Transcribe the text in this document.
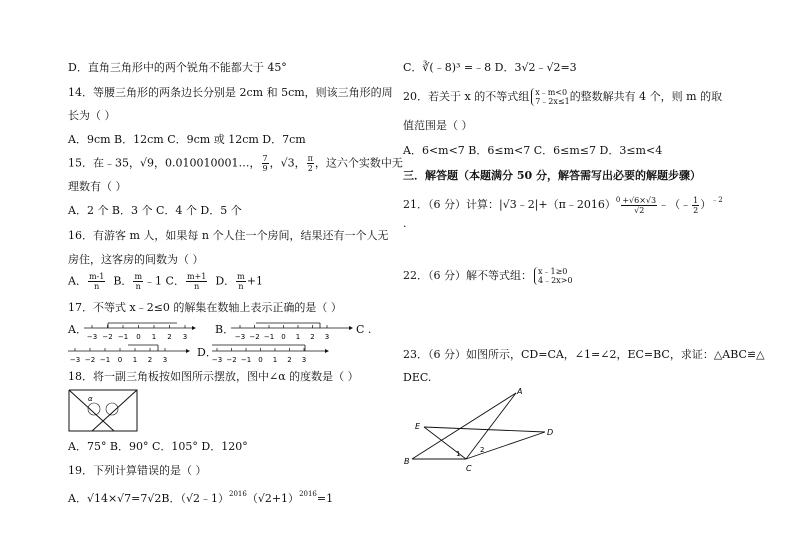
D．直角三角形中的两个锐角不能都大于 45°
14．等腰三角形的两条边长分别是 2cm 和 5cm，则该三角形的周
长为（ ）
A．9cm B．12cm C．9cm 或 12cm D．7cm
15．在﹣35，√9，0.010010001…， $\frac{7}{9}$ ，√3， $\frac{\pi}{2}$ ，这六个实数中无
理数有（ ）
A．2 个 B．3 个 C．4 个 D．5 个
16．有游客 m 人，如果每 n 个人住一个房间，结果还有一个人无
房住，这客房的间数为（ ）
A． $\frac{m-1}{n}$ B． $\frac{m}{n}$ ﹣1 C． $\frac{m+1}{n}$ D． $\frac{m}{n} +1$
17．不等式 x﹣2≤0 的解集在数轴上表示正确的是（ ）
A．
−3 −2 −1 0 1 2 3
B．
−3 −2 −1 0 1 2 3
C .
−3 −2 −1 0 1 2 3
D．
−3 −2 −1 0 1 2 3
18．将一副三角板按如图所示摆放，图中∠α 的度数是（ ）
α
A．75° B．90° C．105° D．120°
19．下列计算错误的是（ ）
A．√14×√7=7√2B．$(√2﹣1)^{2016}(√2+1)^{2016}=1$
C．∛(﹣8)³ =﹣8 D．3√2﹣√2=3
20．若关于 x 的不等式组 x﹣m<0
7﹣2x≤1 的整数解共有 4 个，则 m 的取
值范围是（ ）
A．6<m<7 B．6≤m<7 C．6≤m≤7 D．3≤m<4
三．解答题（本题满分 50 分，解答需写出必要的解题步骤）
21．（6 分）计算：|√3﹣2|+（π﹣2016）$^0$ $\frac{+√6\times√3}{√2}$ ﹣（﹣ $\frac{1}{2} )^{﹣2}$
.
22．（6 分）解不等式组： x﹣1≥0
4﹣2x>0
23．（6 分）如图所示，CD=CA，∠1=∠2，EC=BC，求证：△ABC≌△
DEC.
A
E
D
B
C
1	2
